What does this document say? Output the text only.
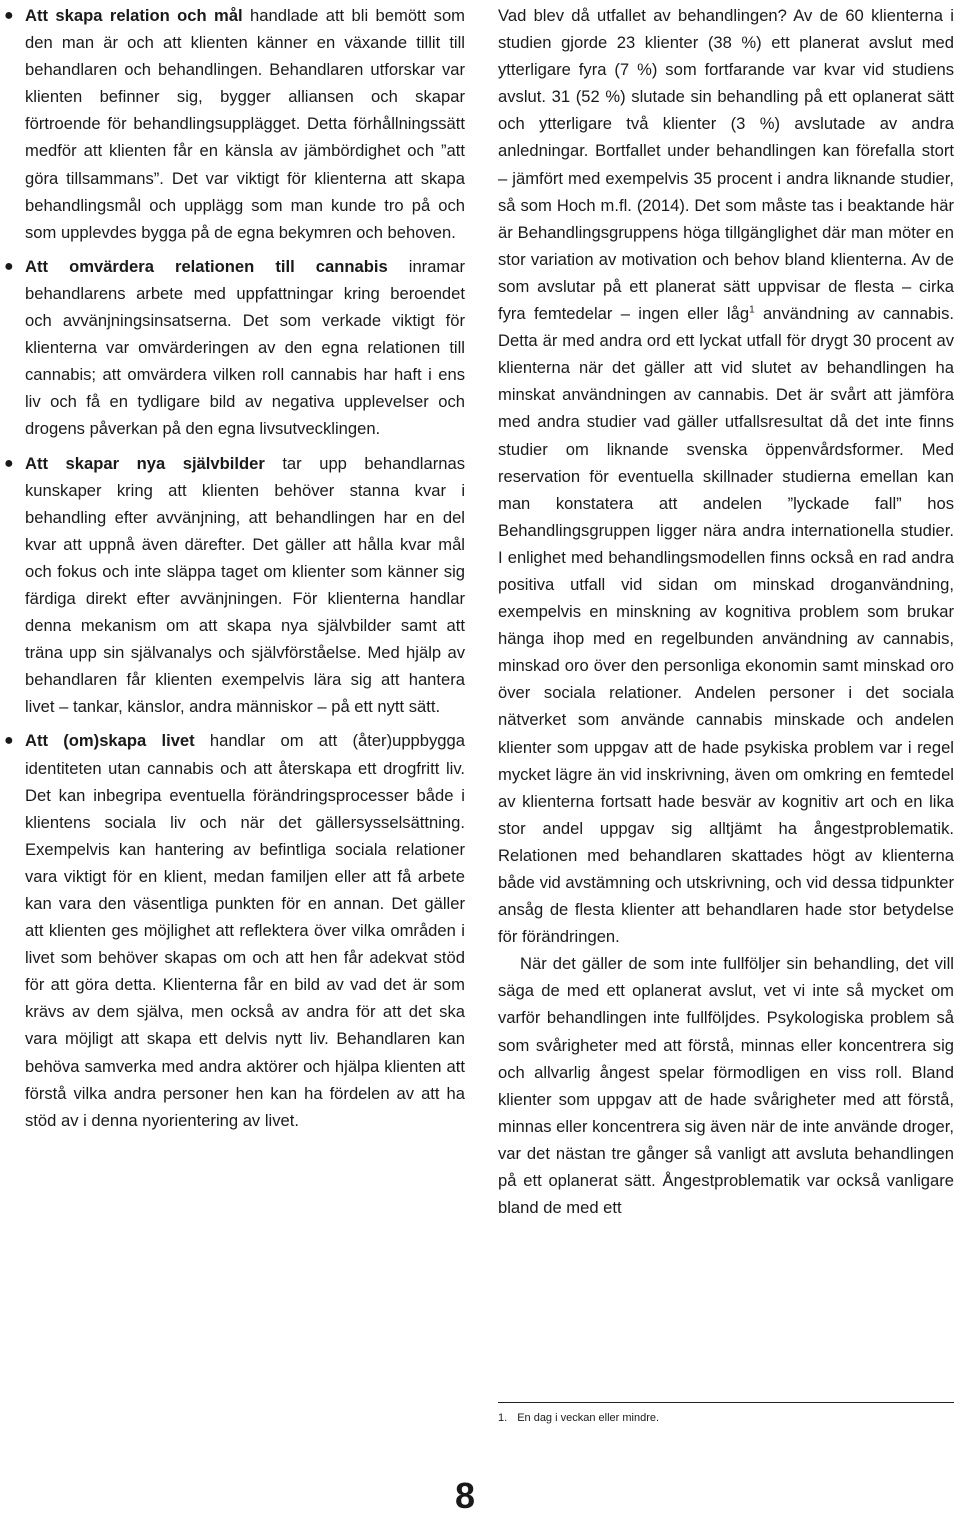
● Att skapa relation och mål handlade att bli bemött som den man är och att klienten känner en växande tillit till behandlaren och behandlingen. Behandlaren utforskar var klienten befinner sig, bygger alliansen och skapar förtroende för behandlingsupplägget. Detta förhållningssätt medför att klienten får en känsla av jämbördighet och ”att göra tillsammans”. Det var viktigt för klienterna att skapa behandlingsmål och upplägg som man kunde tro på och som upplevdes bygga på de egna bekymren och behoven.
● Att omvärdera relationen till cannabis inramar behandlarens arbete med uppfattningar kring beroendet och avvänjningsinsatserna. Det som verkade viktigt för klienterna var omvärderingen av den egna relationen till cannabis; att omvärdera vilken roll cannabis har haft i ens liv och få en tydligare bild av negativa upplevelser och drogens påverkan på den egna livsutvecklingen.
● Att skapar nya självbilder tar upp behandlarnas kunskaper kring att klienten behöver stanna kvar i behandling efter avvänjning, att behandlingen har en del kvar att uppnå även därefter. Det gäller att hålla kvar mål och fokus och inte släppa taget om klienter som känner sig färdiga direkt efter avvänjningen. För klienterna handlar denna mekanism om att skapa nya självbilder samt att träna upp sin självanalys och självförståelse. Med hjälp av behandlaren får klienten exempelvis lära sig att hantera livet – tankar, känslor, andra människor – på ett nytt sätt.
● Att (om)skapa livet handlar om att (åter)uppbygga identiteten utan cannabis och att återskapa ett drogfritt liv. Det kan inbegripa eventuella förändringsprocesser både i klientens sociala liv och när det gällersysselsättning. Exempelvis kan hantering av befintliga sociala relationer vara viktigt för en klient, medan familjen eller att få arbete kan vara den väsentliga punkten för en annan. Det gäller att klienten ges möjlighet att reflektera över vilka områden i livet som behöver skapas om och att hen får adekvat stöd för att göra detta. Klienterna får en bild av vad det är som krävs av dem själva, men också av andra för att det ska vara möjligt att skapa ett delvis nytt liv. Behandlaren kan behöva samverka med andra aktörer och hjälpa klienten att förstå vilka andra personer hen kan ha fördelen av att ha stöd av i denna nyorientering av livet.

Vad blev då utfallet av behandlingen? Av de 60 klienterna i studien gjorde 23 klienter (38 %) ett planerat avslut med ytterligare fyra (7 %) som fortfarande var kvar vid studiens avslut. 31 (52 %) slutade sin behandling på ett oplanerat sätt och ytterligare två klienter (3 %) avslutade av andra anledningar. Bortfallet under behandlingen kan förefalla stort – jämfört med exempelvis 35 procent i andra liknande studier, så som Hoch m.fl. (2014). Det som måste tas i beaktande här är Behandlingsgruppens höga tillgänglighet där man möter en stor variation av motivation och behov bland klienterna. Av de som avslutar på ett planerat sätt uppvisar de flesta – cirka fyra femtedelar – ingen eller låg$^1$ användning av cannabis. Detta är med andra ord ett lyckat utfall för drygt 30 procent av klienterna när det gäller att vid slutet av behandlingen ha minskat användningen av cannabis. Det är svårt att jämföra med andra studier vad gäller utfallsresultat då det inte finns studier om liknande svenska öppenvårdsformer. Med reservation för eventuella skillnader studierna emellan kan man konstatera att andelen ”lyckade fall” hos Behandlingsgruppen ligger nära andra internationella studier. I enlighet med behandlingsmodellen finns också en rad andra positiva utfall vid sidan om minskad droganvändning, exempelvis en minskning av kognitiva problem som brukar hänga ihop med en regelbunden användning av cannabis, minskad oro över den personliga ekonomin samt minskad oro över sociala relationer. Andelen personer i det sociala nätverket som använde cannabis minskade och andelen klienter som uppgav att de hade psykiska problem var i regel mycket lägre än vid inskrivning, även om omkring en femtedel av klienterna fortsatt hade besvär av kognitiv art och en lika stor andel uppgav sig alltjämt ha ångestproblematik. Relationen med behandlaren skattades högt av klienterna både vid avstämning och utskrivning, och vid dessa tidpunkter ansåg de flesta klienter att behandlaren hade stor betydelse för förändringen.

När det gäller de som inte fullföljer sin behandling, det vill säga de med ett oplanerat avslut, vet vi inte så mycket om varför behandlingen inte fullföljdes. Psykologiska problem så som svårigheter med att förstå, minnas eller koncentrera sig och allvarlig ångest spelar förmodligen en viss roll. Bland klienter som uppgav att de hade svårigheter med att förstå, minnas eller koncentrera sig även när de inte använde droger, var det nästan tre gånger så vanligt att avsluta behandlingen på ett oplanerat sätt. Ångestproblematik var också vanligare bland de med ett

1. En dag i veckan eller mindre.
8
